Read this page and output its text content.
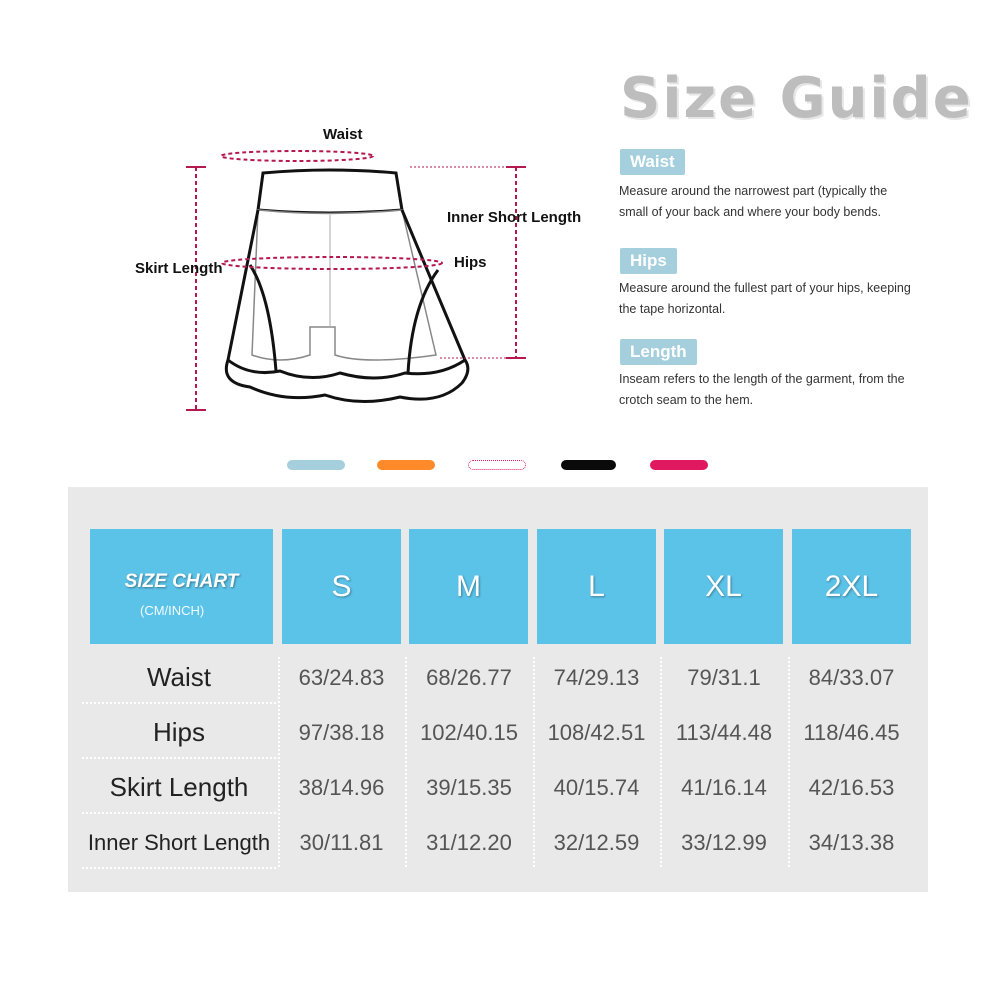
Waist
Inner Short Length
Hips
Skirt Length
Size Guide
Waist
Measure around the narrowest part (typically the small of your back and where your body bends.
Hips
Measure around the fullest part of your hips, keeping the tape horizontal.
Length
Inseam refers to the length of the garment, from the crotch seam to the hem.
SIZE CHART
(CM/INCH)
S	M	L	XL	2XL
Waist	63/24.83	68/26.77	74/29.13	79/31.1	84/33.07
Hips	97/38.18	102/40.15	108/42.51	113/44.48	118/46.45
Skirt Length	38/14.96	39/15.35	40/15.74	41/16.14	42/16.53
Inner Short Length	30/11.81	31/12.20	32/12.59	33/12.99	34/13.38
